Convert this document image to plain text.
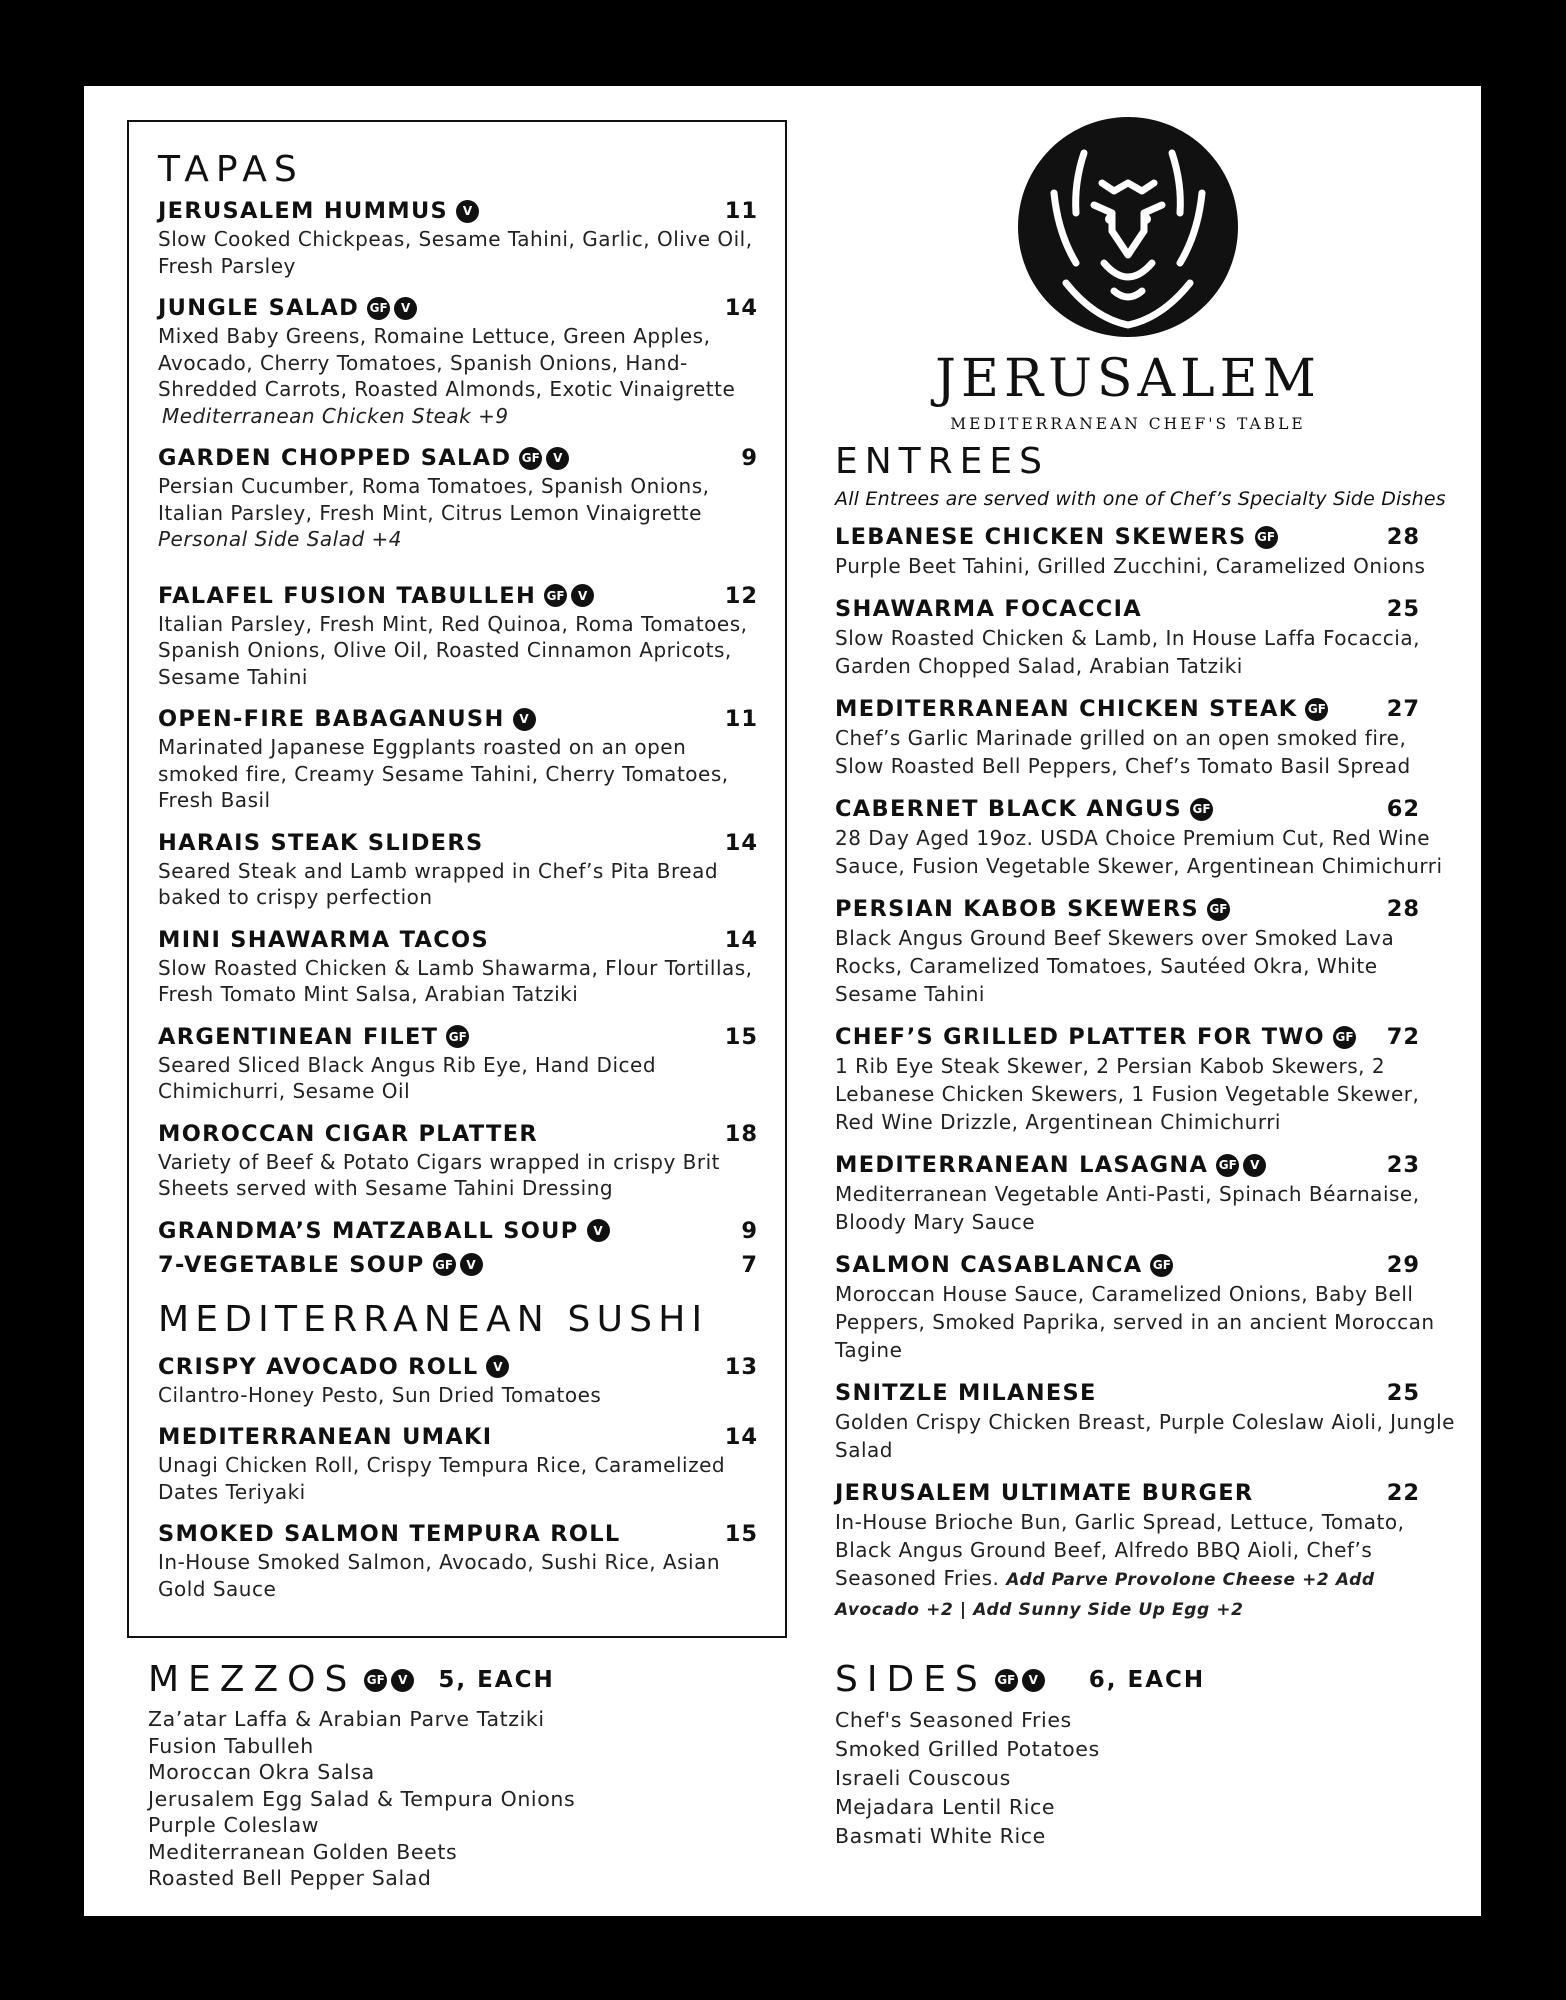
TAPAS
JERUSALEM HUMMUS	V	11
Slow Cooked Chickpeas, Sesame Tahini, Garlic, Olive Oil, Fresh Parsley
JUNGLE SALAD GF	V	14
Mixed Baby Greens, Romaine Lettuce, Green Apples, Avocado, Cherry Tomatoes, Spanish Onions, Hand-Shredded Carrots, Roasted Almonds, Exotic Vinaigrette Mediterranean Chicken Steak +9
GARDEN CHOPPED SALAD GF	V	9
Persian Cucumber, Roma Tomatoes, Spanish Onions, Italian Parsley, Fresh Mint, Citrus Lemon Vinaigrette
Personal Side Salad +4
FALAFEL FUSION TABULLEH GF	V	12
Italian Parsley, Fresh Mint, Red Quinoa, Roma Tomatoes, Spanish Onions, Olive Oil, Roasted Cinnamon Apricots, Sesame Tahini
OPEN-FIRE BABAGANUSH	V	11
Marinated Japanese Eggplants roasted on an open smoked fire, Creamy Sesame Tahini, Cherry Tomatoes, Fresh Basil
HARAIS STEAK SLIDERS	14
Seared Steak and Lamb wrapped in Chef’s Pita Bread baked to crispy perfection
MINI SHAWARMA TACOS	14
Slow Roasted Chicken & Lamb Shawarma, Flour Tortillas, Fresh Tomato Mint Salsa, Arabian Tatziki
ARGENTINEAN FILET GF	15
Seared Sliced Black Angus Rib Eye, Hand Diced Chimichurri, Sesame Oil
MOROCCAN CIGAR PLATTER	18
Variety of Beef & Potato Cigars wrapped in crispy Brit Sheets served with Sesame Tahini Dressing
GRANDMA’S MATZABALL SOUP	V	9
7-VEGETABLE SOUP GF	V	7
MEDITERRANEAN SUSHI
CRISPY AVOCADO ROLL	V	13
Cilantro-Honey Pesto, Sun Dried Tomatoes
MEDITERRANEAN UMAKI	14
Unagi Chicken Roll, Crispy Tempura Rice, Caramelized Dates Teriyaki
SMOKED SALMON TEMPURA ROLL	15
In-House Smoked Salmon, Avocado, Sushi Rice, Asian Gold Sauce
JERUSALEM
MEDITERRANEAN CHEF'S TABLE
ENTREES
All Entrees are served with one of Chef’s Specialty Side Dishes
LEBANESE CHICKEN SKEWERS GF	28
Purple Beet Tahini, Grilled Zucchini, Caramelized Onions
SHAWARMA FOCACCIA	25
Slow Roasted Chicken & Lamb, In House Laffa Focaccia, Garden Chopped Salad, Arabian Tatziki
MEDITERRANEAN CHICKEN STEAK GF	27
Chef’s Garlic Marinade grilled on an open smoked fire, Slow Roasted Bell Peppers, Chef’s Tomato Basil Spread
CABERNET BLACK ANGUS GF	62
28 Day Aged 19oz. USDA Choice Premium Cut, Red Wine Sauce, Fusion Vegetable Skewer, Argentinean Chimichurri
PERSIAN KABOB SKEWERS GF	28
Black Angus Ground Beef Skewers over Smoked Lava Rocks, Caramelized Tomatoes, Sautéed Okra, White Sesame Tahini
CHEF’S GRILLED PLATTER FOR TWO GF 72
1 Rib Eye Steak Skewer, 2 Persian Kabob Skewers, 2 Lebanese Chicken Skewers, 1 Fusion Vegetable Skewer, Red Wine Drizzle, Argentinean Chimichurri
MEDITERRANEAN LASAGNA GF	V	23
Mediterranean Vegetable Anti-Pasti, Spinach Béarnaise, Bloody Mary Sauce
SALMON CASABLANCA GF	29
Moroccan House Sauce, Caramelized Onions, Baby Bell Peppers, Smoked Paprika, served in an ancient Moroccan Tagine
SNITZLE MILANESE	25
Golden Crispy Chicken Breast, Purple Coleslaw Aioli, Jungle Salad
JERUSALEM ULTIMATE BURGER	22
In-House Brioche Bun, Garlic Spread, Lettuce, Tomato, Black Angus Ground Beef, Alfredo BBQ Aioli, Chef’s Seasoned Fries. Add Parve Provolone Cheese +2 Add Avocado +2 | Add Sunny Side Up Egg +2
MEZZOS GF	V 5, EACH
Za’atar Laffa & Arabian Parve Tatziki
Fusion Tabulleh
Moroccan Okra Salsa
Jerusalem Egg Salad & Tempura Onions
Purple Coleslaw
Mediterranean Golden Beets
Roasted Bell Pepper Salad
SIDES GF	V 6, EACH
Chef's Seasoned Fries
Smoked Grilled Potatoes
Israeli Couscous
Mejadara Lentil Rice
Basmati White Rice
